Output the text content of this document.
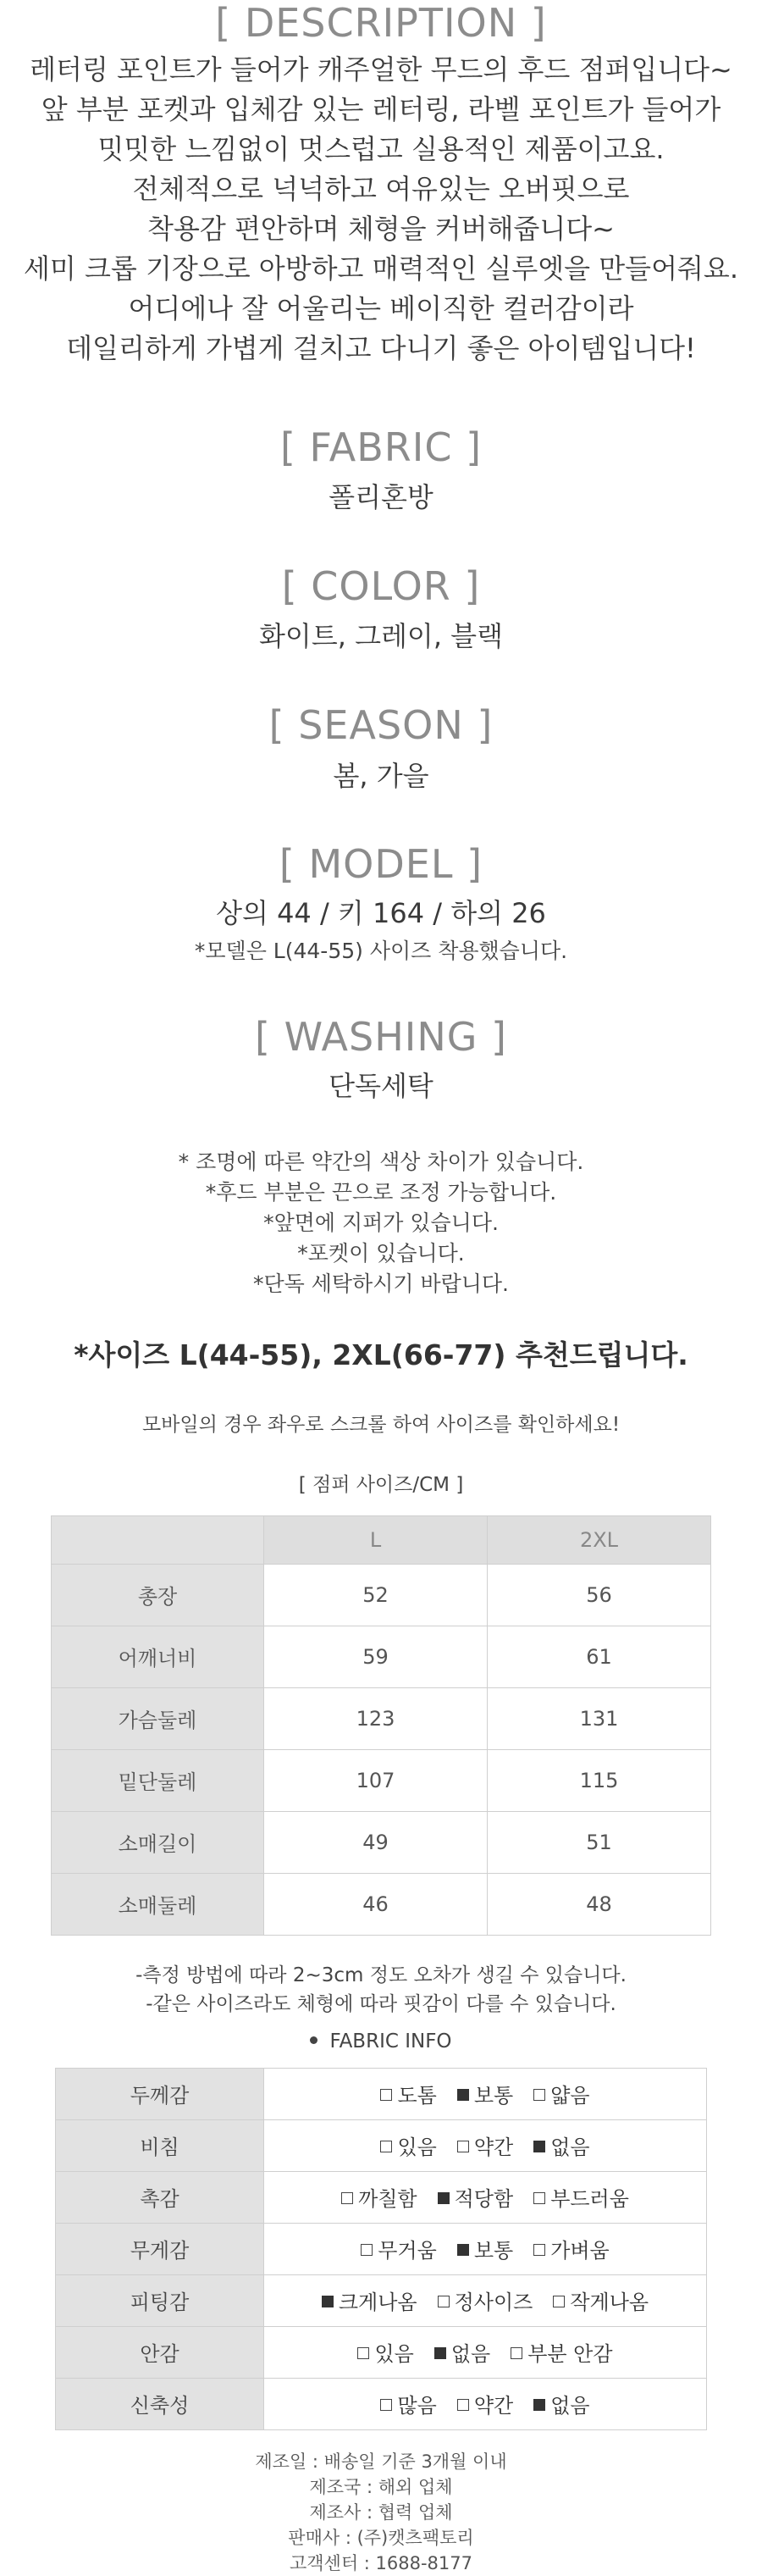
[ DESCRIPTION ]

레터링 포인트가 들어가 캐주얼한 무드의 후드 점퍼입니다~

앞 부분 포켓과 입체감 있는 레터링, 라벨 포인트가 들어가

밋밋한 느낌없이 멋스럽고 실용적인 제품이고요.

전체적으로 넉넉하고 여유있는 오버핏으로

착용감 편안하며 체형을 커버해줍니다~

세미 크롭 기장으로 아방하고 매력적인 실루엣을 만들어줘요.

어디에나 잘 어울리는 베이직한 컬러감이라

데일리하게 가볍게 걸치고 다니기 좋은 아이템입니다!

[ FABRIC ]

폴리혼방

[ COLOR ]

화이트, 그레이, 블랙

[ SEASON ]

봄, 가을

[ MODEL ]

상의 44 / 키 164 / 하의 26

*모델은 L(44-55) 사이즈 착용했습니다.

[ WASHING ]

단독세탁

* 조명에 따른 약간의 색상 차이가 있습니다.

*후드 부분은 끈으로 조정 가능합니다.

*앞면에 지퍼가 있습니다.

*포켓이 있습니다.

*단독 세탁하시기 바랍니다.

*사이즈 L(44-55), 2XL(66-77) 추천드립니다.

모바일의 경우 좌우로 스크롤 하여 사이즈를 확인하세요!

[ 점퍼 사이즈/CM ]

	L	2XL
총장	52	56
어깨너비	59	61
가슴둘레	123	131
밑단둘레	107	115
소매길이	49	51
소매둘레	46	48

-측정 방법에 따라 2~3cm 정도 오차가 생길 수 있습니다.

-같은 사이즈라도 체형에 따라 핏감이 다를 수 있습니다.

FABRIC INFO

두께감	도톰 보통 얇음
비침	있음 약간 없음
촉감	까칠함 적당함 부드러움
무게감	무거움 보통 가벼움
피팅감	크게나옴 정사이즈 작게나옴
안감	있음 없음 부분 안감
신축성	많음 약간 없음

제조일 : 배송일 기준 3개월 이내

제조국 : 해외 업체

제조사 : 협력 업체

판매사 : (주)캣츠팩토리

고객센터 : 1688-8177
